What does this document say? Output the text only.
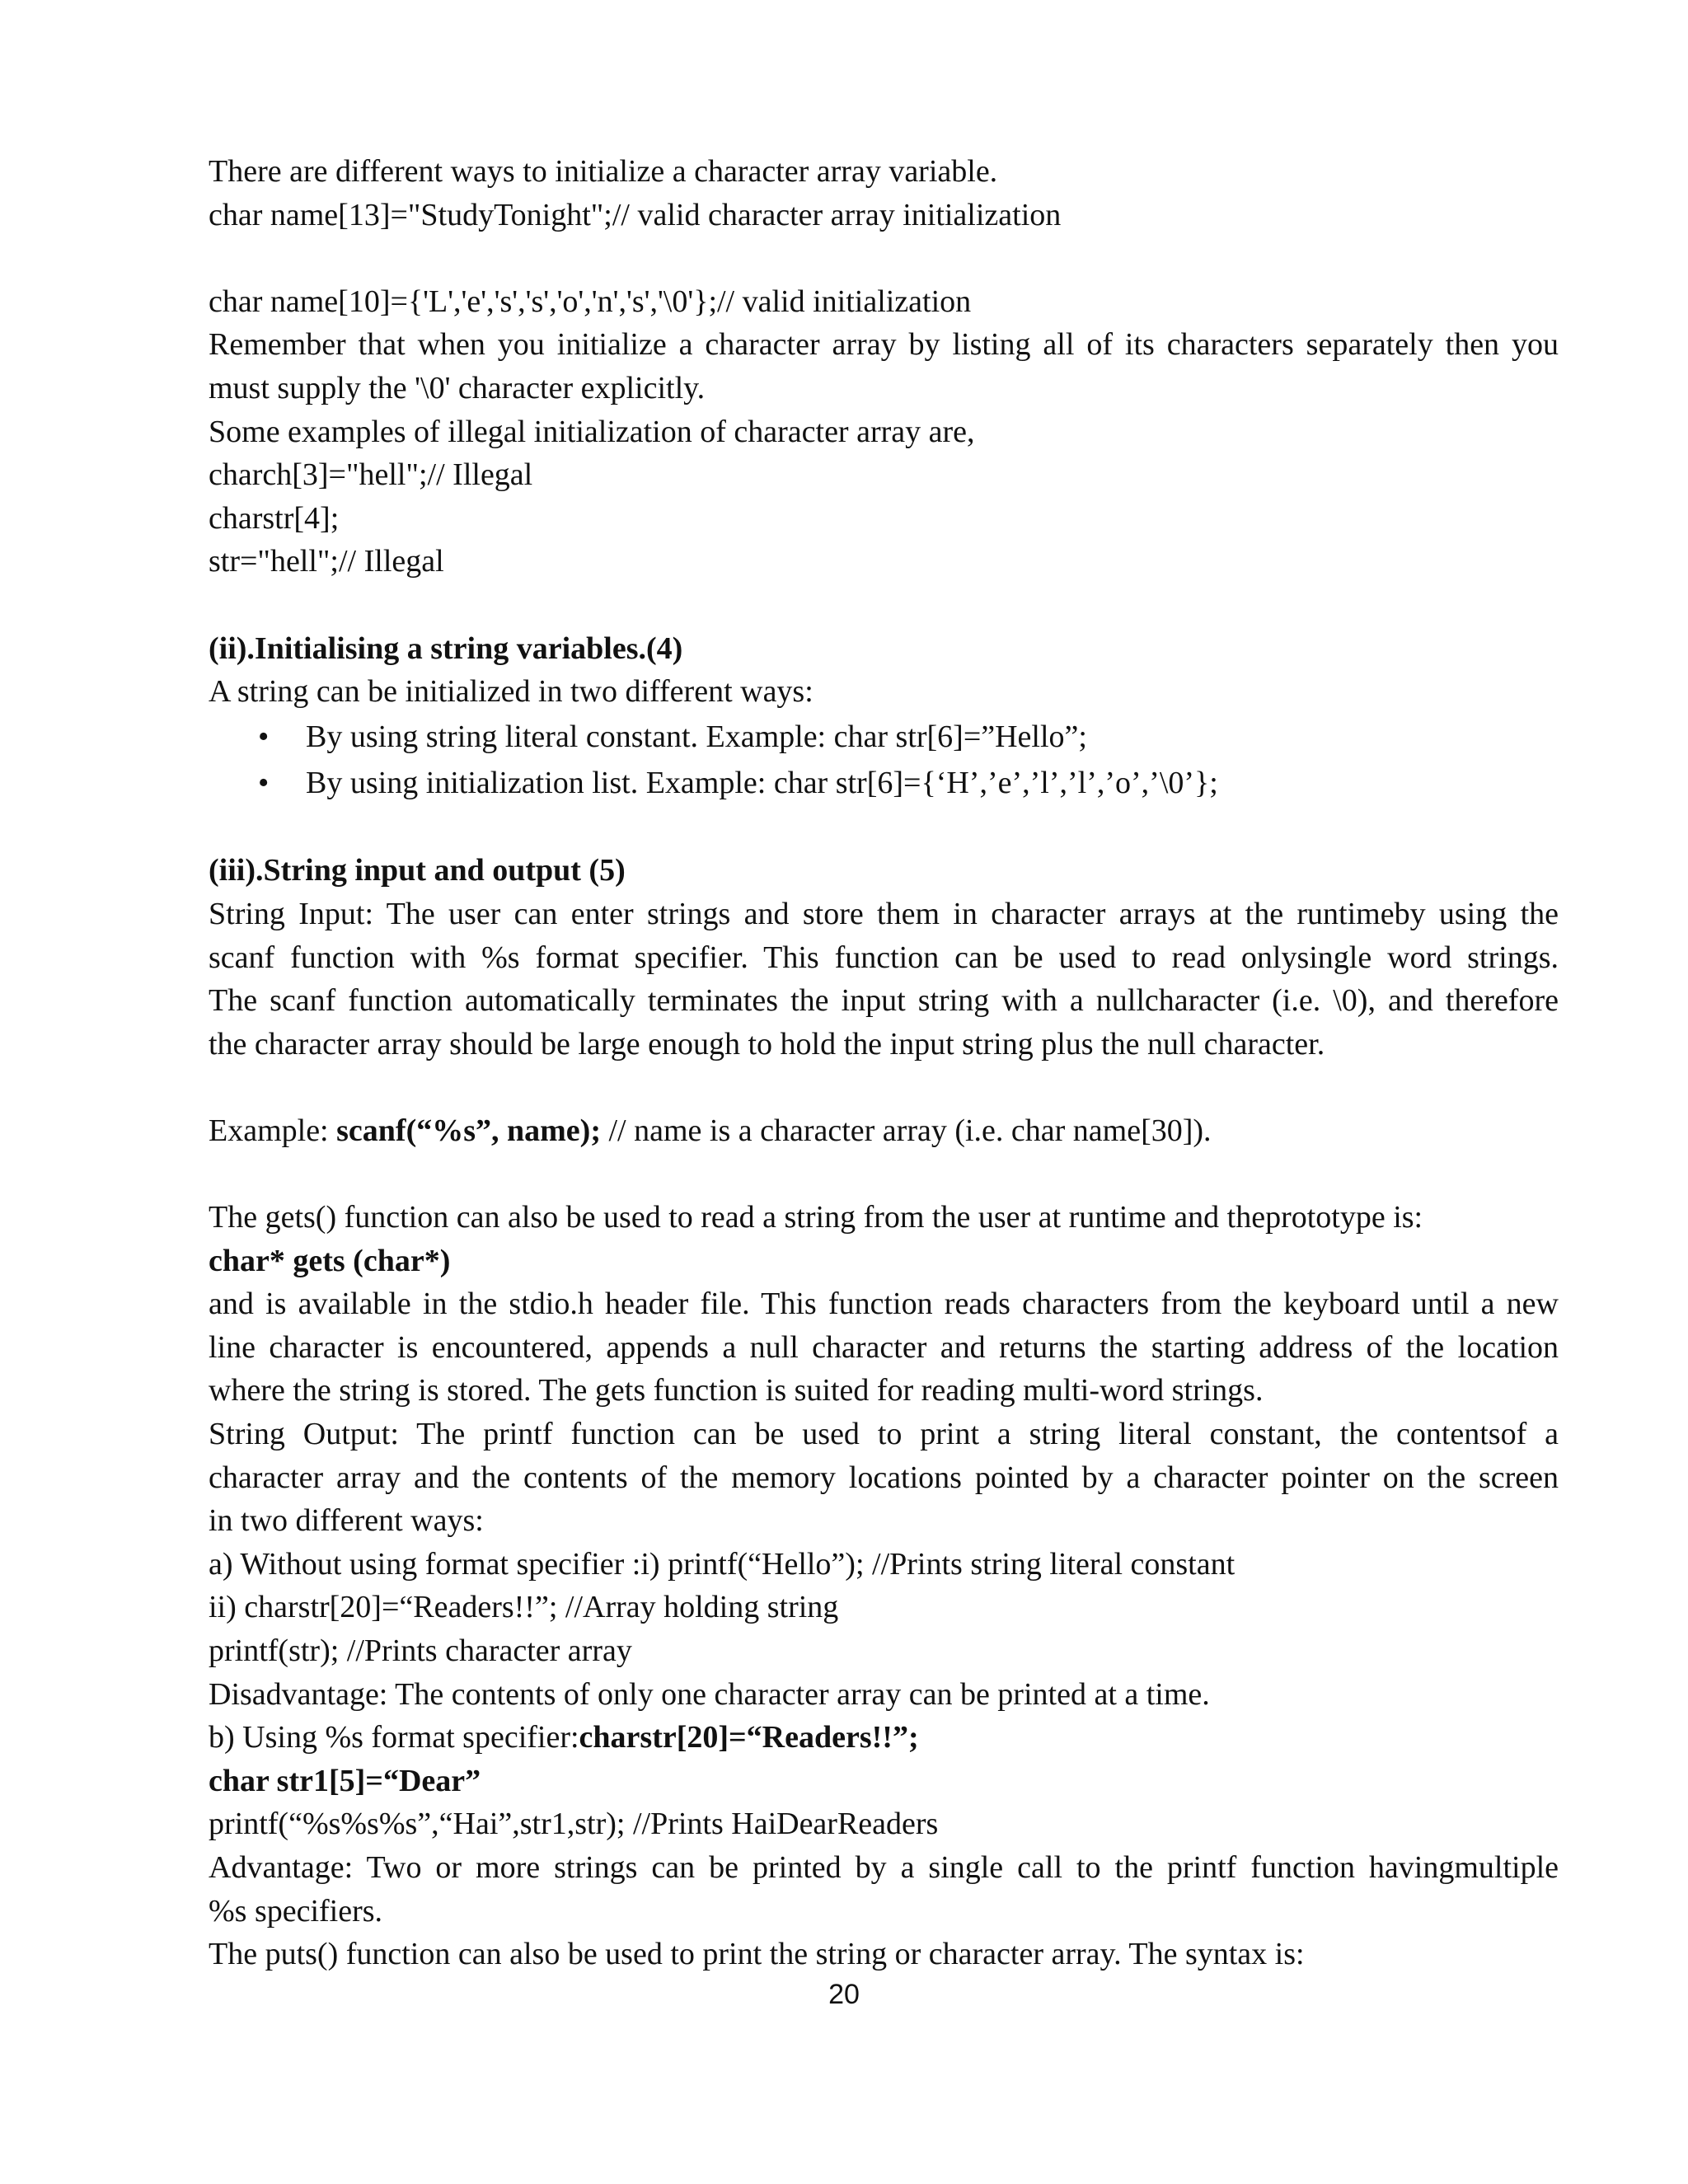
There are different ways to initialize a character array variable.
char name[13]="StudyTonight";// valid character array initialization
char name[10]={'L','e','s','s','o','n','s','\0'};// valid initialization
Remember that when you initialize a character array by listing all of its characters separately then you
must supply the '\0' character explicitly.
Some examples of illegal initialization of character array are,
charch[3]="hell";// Illegal
charstr[4];
str="hell";// Illegal
(ii).Initialising a string variables.(4)
A string can be initialized in two different ways:
• By using string literal constant. Example: char str[6]=”Hello”;
• By using initialization list. Example: char str[6]={‘H’,’e’,’l’,’l’,’o’,’\0’};
(iii).String input and output (5)
String Input: The user can enter strings and store them in character arrays at the runtimeby using the
scanf function with %s format specifier. This function can be used to read onlysingle word strings.
The scanf function automatically terminates the input string with a nullcharacter (i.e. \0), and therefore
the character array should be large enough to hold the input string plus the null character.
Example: scanf(“%s”, name); // name is a character array (i.e. char name[30]).
The gets() function can also be used to read a string from the user at runtime and theprototype is:
char* gets (char*)
and is available in the stdio.h header file. This function reads characters from the keyboard until a new
line character is encountered, appends a null character and returns the starting address of the location
where the string is stored. The gets function is suited for reading multi-word strings.
String Output: The printf function can be used to print a string literal constant, the contentsof a
character array and the contents of the memory locations pointed by a character pointer on the screen
in two different ways:
a) Without using format specifier :i) printf(“Hello”); //Prints string literal constant
ii) charstr[20]=“Readers!!”; //Array holding string
printf(str); //Prints character array
Disadvantage: The contents of only one character array can be printed at a time.
b) Using %s format specifier:charstr[20]=“Readers!!”;
char str1[5]=“Dear”
printf(“%s%s%s”,“Hai”,str1,str); //Prints HaiDearReaders
Advantage: Two or more strings can be printed by a single call to the printf function havingmultiple
%s specifiers.
The puts() function can also be used to print the string or character array. The syntax is:
20
